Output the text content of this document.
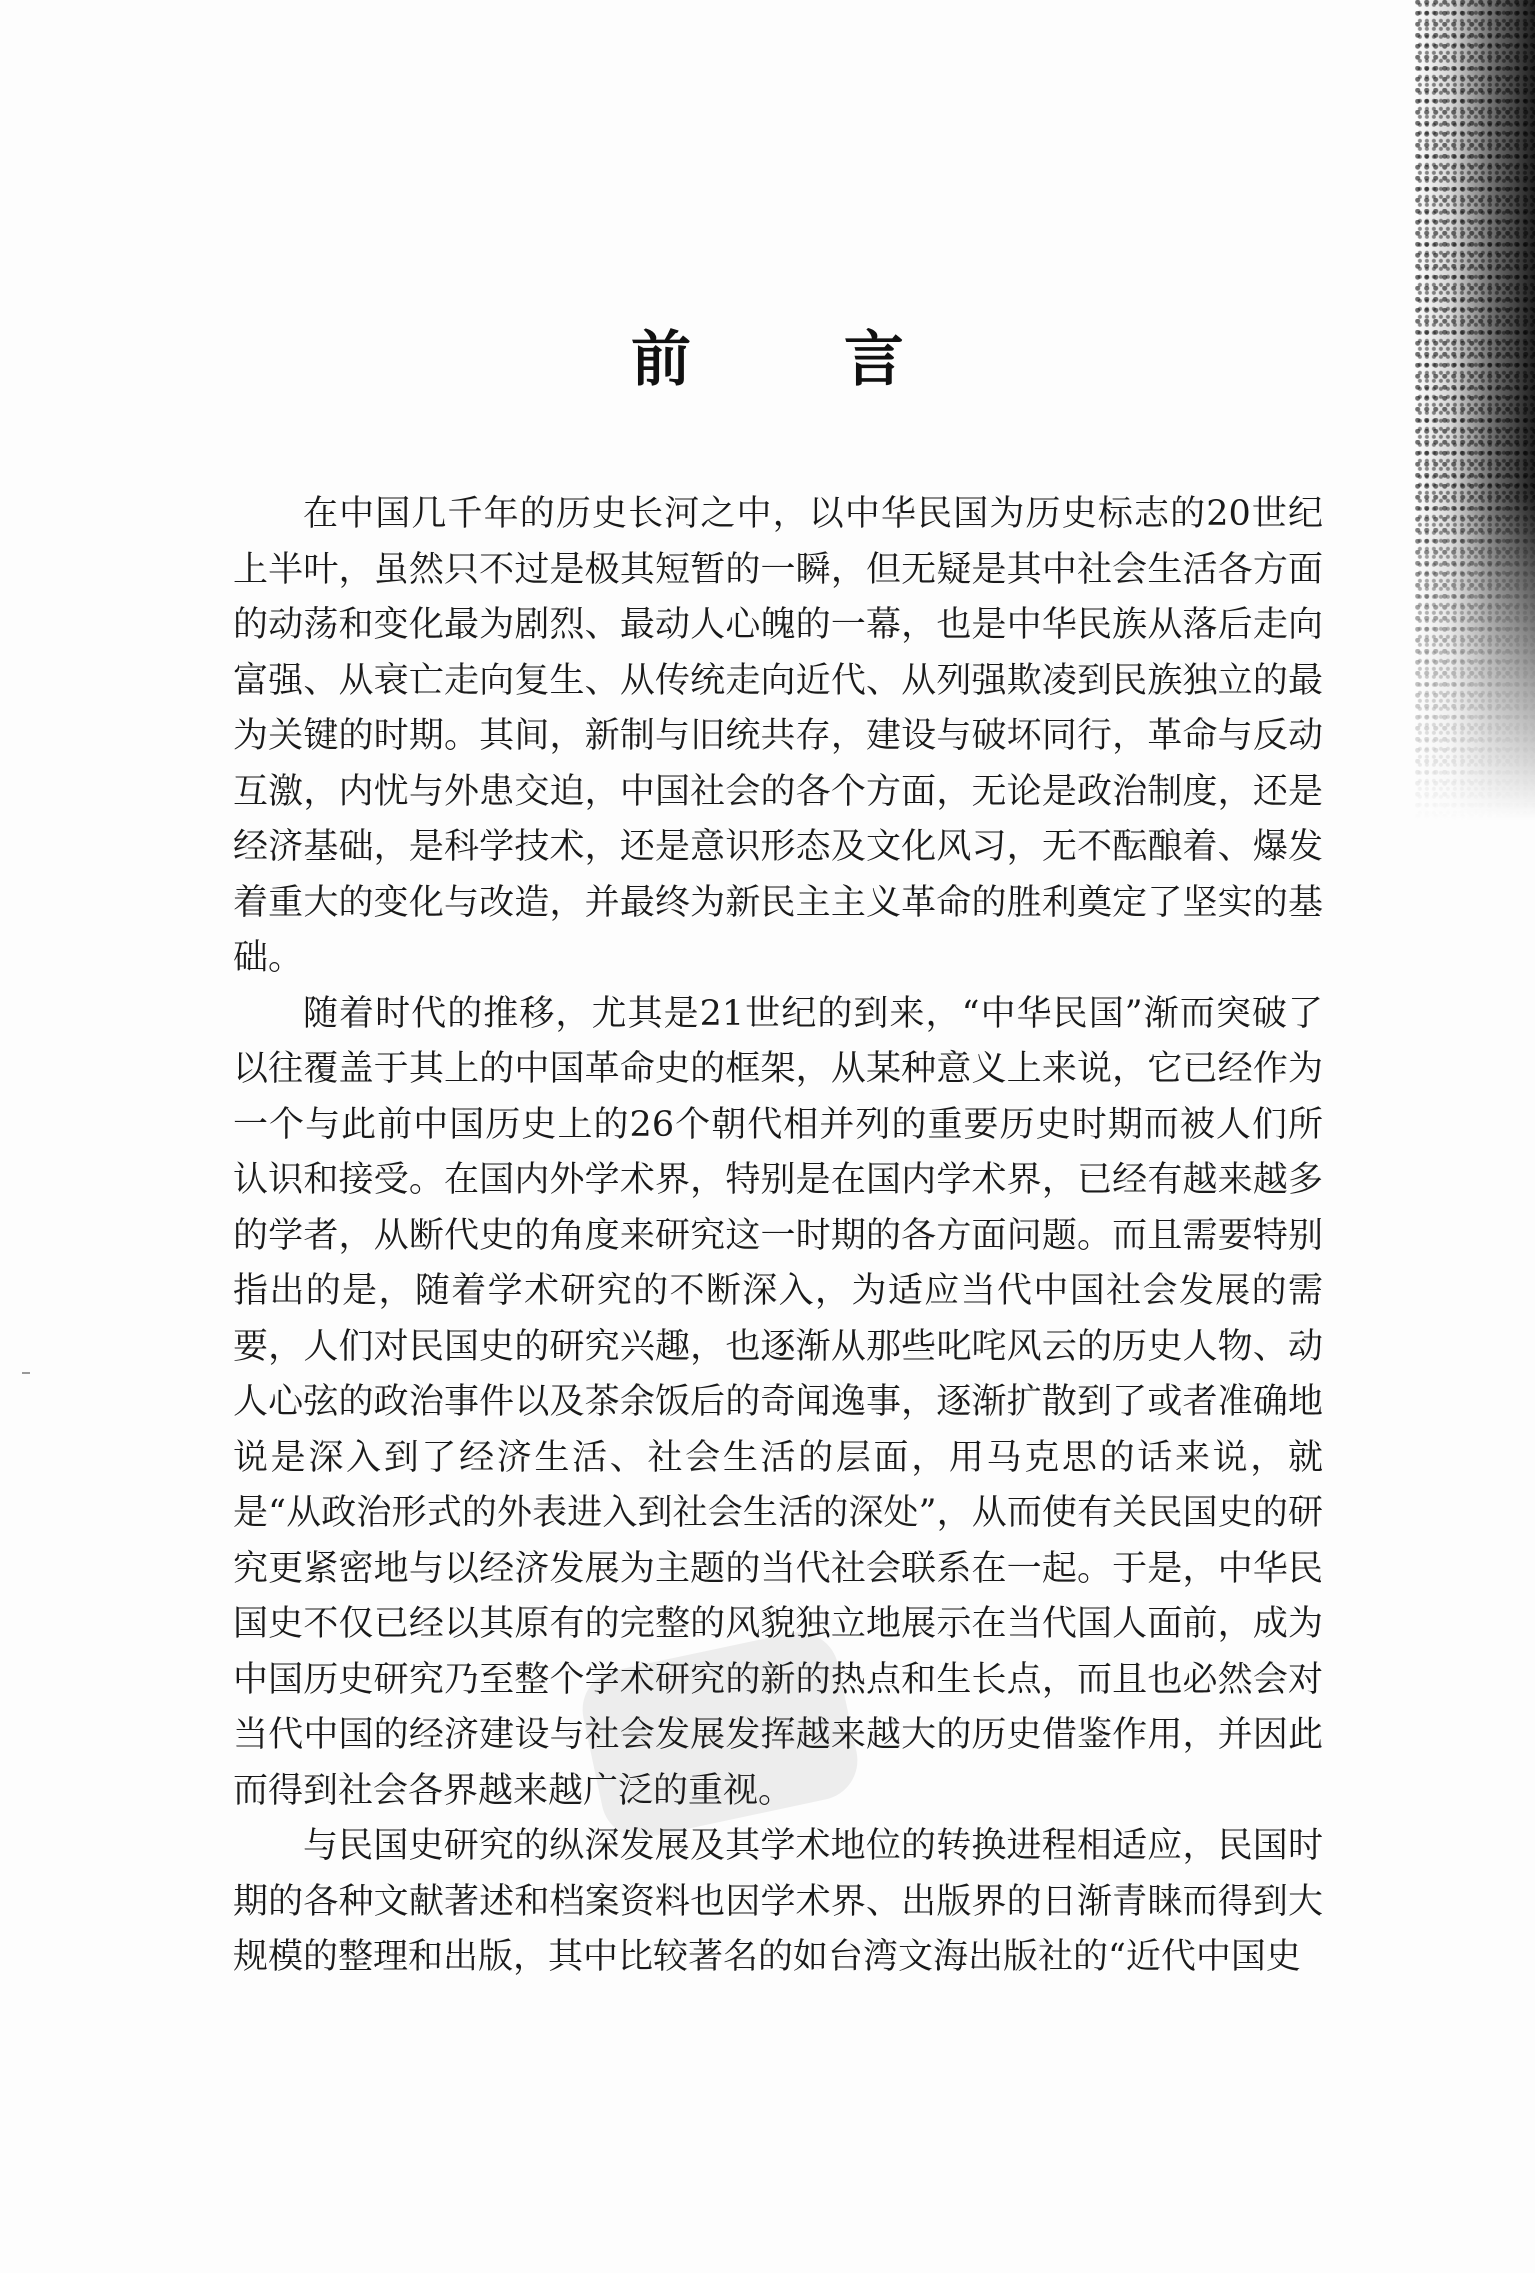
前 言

在中国几千年的历史长河之中，以中华民国为历史标志的20世纪上半叶，虽然只不过是极其短暂的一瞬，但无疑是其中社会生活各方面的动荡和变化最为剧烈、最动人心魄的一幕，也是中华民族从落后走向富强、从衰亡走向复生、从传统走向近代、从列强欺凌到民族独立的最为关键的时期。其间，新制与旧统共存，建设与破坏同行，革命与反动互激，内忧与外患交迫，中国社会的各个方面，无论是政治制度，还是经济基础，是科学技术，还是意识形态及文化风习，无不酝酿着、爆发着重大的变化与改造，并最终为新民主主义革命的胜利奠定了坚实的基础。

随着时代的推移，尤其是21世纪的到来，“中华民国”渐而突破了以往覆盖于其上的中国革命史的框架，从某种意义上来说，它已经作为一个与此前中国历史上的26个朝代相并列的重要历史时期而被人们所认识和接受。在国内外学术界，特别是在国内学术界，已经有越来越多的学者，从断代史的角度来研究这一时期的各方面问题。而且需要特别指出的是，随着学术研究的不断深入，为适应当代中国社会发展的需要，人们对民国史的研究兴趣，也逐渐从那些叱咤风云的历史人物、动人心弦的政治事件以及茶余饭后的奇闻逸事，逐渐扩散到了或者准确地说是深入到了经济生活、社会生活的层面，用马克思的话来说，就是“从政治形式的外表进入到社会生活的深处”，从而使有关民国史的研究更紧密地与以经济发展为主题的当代社会联系在一起。于是，中华民国史不仅已经以其原有的完整的风貌独立地展示在当代国人面前，成为中国历史研究乃至整个学术研究的新的热点和生长点，而且也必然会对当代中国的经济建设与社会发展发挥越来越大的历史借鉴作用，并因此而得到社会各界越来越广泛的重视。

与民国史研究的纵深发展及其学术地位的转换进程相适应，民国时期的各种文献著述和档案资料也因学术界、出版界的日渐青睐而得到大规模的整理和出版，其中比较著名的如台湾文海出版社的“近代中国史
